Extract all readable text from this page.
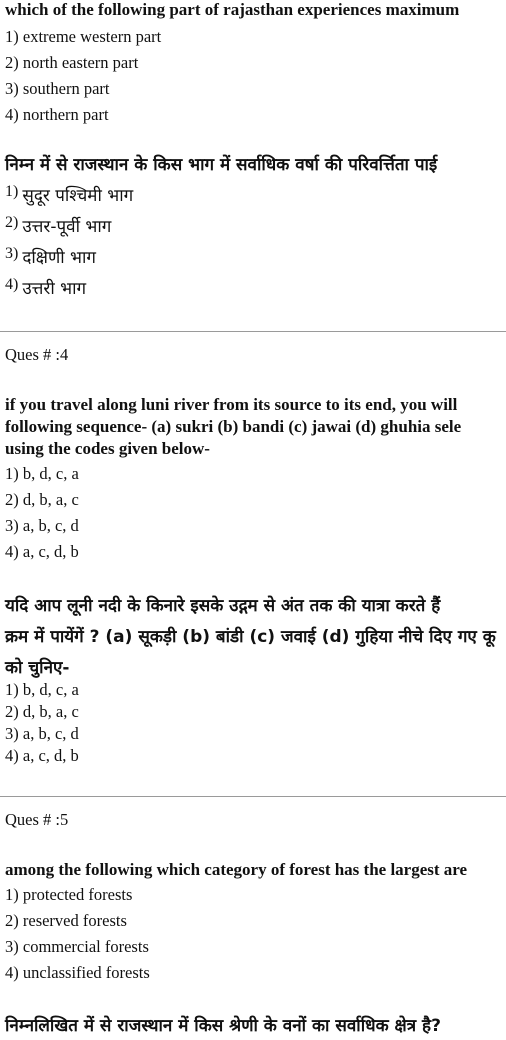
which of the following part of rajasthan experiences maximum
1) extreme western part
2) north eastern part
3) southern part
4) northern part
निम्न में से राजस्थान के किस भाग में सर्वाधिक वर्षा की परिवर्त्तिता पाई
1) सुदूर पश्चिमी भाग
2) उत्तर-पूर्वी भाग
3) दक्षिणी भाग
4) उत्तरी भाग
Ques # :4
if you travel along luni river from its source to its end, you will
following sequence- (a) sukri (b) bandi (c) jawai (d) ghuhia sele
using the codes given below-
1) b, d, c, a
2) d, b, a, c
3) a, b, c, d
4) a, c, d, b
यदि आप लूनी नदी के किनारे इसके उद्गम से अंत तक की यात्रा करते हैं
क्रम में पायेंगें ? (a) सूकड़ी (b) बांडी (c) जवाई (d) गुहिया नीचे दिए गए कू
को चुनिए-
1) b, d, c, a
2) d, b, a, c
3) a, b, c, d
4) a, c, d, b
Ques # :5
among the following which category of forest has the largest are
1) protected forests
2) reserved forests
3) commercial forests
4) unclassified forests
निम्नलिखित में से राजस्थान में किस श्रेणी के वनों का सर्वाधिक क्षेत्र है?
